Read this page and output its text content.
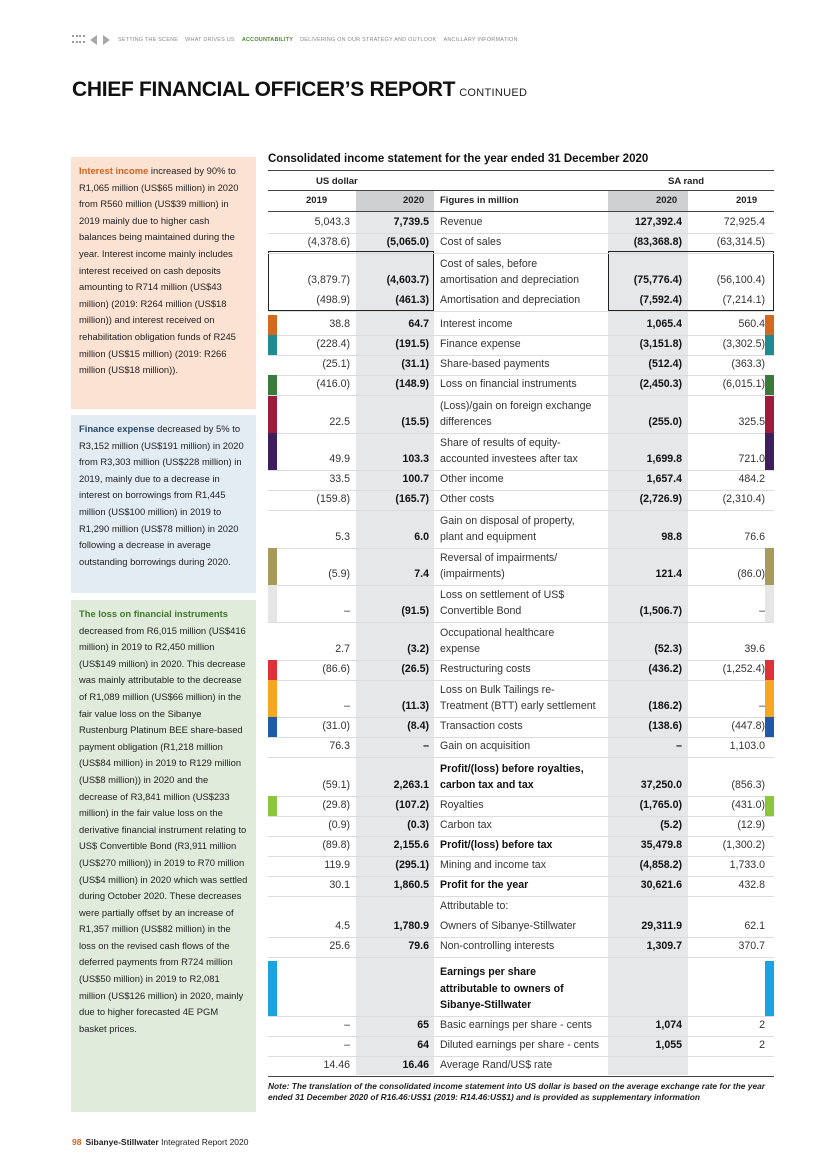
SETTING THE SCENE WHAT DRIVES US ACCOUNTABILITY DELIVERING ON OUR STRATEGY AND OUTLOOK ANCILLARY INFORMATION
CHIEF FINANCIAL OFFICER’S REPORT CONTINUED
Interest income increased by 90% to R1,065 million (US$65 million) in 2020 from R560 million (US$39 million) in 2019 mainly due to higher cash balances being maintained during the year. Interest income mainly includes interest received on cash deposits amounting to R714 million (US$43 million) (2019: R264 million (US$18 million)) and interest received on rehabilitation obligation funds of R245 million (US$15 million) (2019: R266 million (US$18 million)).
Finance expense decreased by 5% to R3,152 million (US$191 million) in 2020 from R3,303 million (US$228 million) in 2019, mainly due to a decrease in interest on borrowings from R1,445 million (US$100 million) in 2019 to R1,290 million (US$78 million) in 2020 following a decrease in average outstanding borrowings during 2020.
The loss on financial instruments decreased from R6,015 million (US$416 million) in 2019 to R2,450 million (US$149 million) in 2020. This decrease was mainly attributable to the decrease of R1,089 million (US$66 million) in the fair value loss on the Sibanye Rustenburg Platinum BEE share-based payment obligation (R1,218 million (US$84 million) in 2019 to R129 million (US$8 million)) in 2020 and the decrease of R3,841 million (US$233 million) in the fair value loss on the derivative financial instrument relating to US$ Convertible Bond (R3,911 million (US$270 million)) in 2019 to R70 million (US$4 million) in 2020 which was settled during October 2020. These decreases were partially offset by an increase of R1,357 million (US$82 million) in the loss on the revised cash flows of the deferred payments from R724 million (US$50 million) in 2019 to R2,081 million (US$126 million) in 2020, mainly due to higher forecasted 4E PGM basket prices.
Consolidated income statement for the year ended 31 December 2020
US dollar	SA rand
2019	2020 Figures in million	2020	2019
Revenue
5,043.3	7,739.5	127,392.4	72,925.4
Cost of sales
(4,378.6)	(5,065.0)	(83,368.8)	(63,314.5)
Cost of sales, before
amortisation and depreciation
(3,879.7)	(4,603.7)	(75,776.4)	(56,100.4)
Amortisation and depreciation
(498.9)	(461.3)	(7,592.4)	(7,214.1)
Interest income
38.8	64.7	1,065.4	560.4
Finance expense
(228.4)	(191.5)	(3,151.8)	(3,302.5)
Share-based payments
(25.1)	(31.1)	(512.4)	(363.3)
Loss on financial instruments
(416.0)	(148.9)	(2,450.3)	(6,015.1)
(Loss)/gain on foreign exchange
differences
22.5	(15.5)	(255.0)	325.5
Share of results of equity-
accounted investees after tax
49.9	103.3	1,699.8	721.0
Other income
33.5	100.7	1,657.4	484.2
Other costs
(159.8)	(165.7)	(2,726.9)	(2,310.4)
Gain on disposal of property,
plant and equipment
5.3	6.0	98.8	76.6
Reversal of impairments/
(impairments)
(5.9)	7.4	121.4	(86.0)
Loss on settlement of US$
Convertible Bond
–	(91.5)	(1,506.7)	–
Occupational healthcare
expense
2.7	(3.2)	(52.3)	39.6
Restructuring costs
(86.6)	(26.5)	(436.2)	(1,252.4)
Loss on Bulk Tailings re-
Treatment (BTT) early settlement
–	(11.3)	(186.2)	–
Transaction costs
(31.0)	(8.4)	(138.6)	(447.8)
Gain on acquisition
76.3	–	–	1,103.0
Profit/(loss) before royalties,
carbon tax and tax
(59.1)	2,263.1	37,250.0	(856.3)
Royalties
(29.8)	(107.2)	(1,765.0)	(431.0)
Carbon tax
(0.9)	(0.3)	(5.2)	(12.9)
Profit/(loss) before tax
(89.8)	2,155.6	35,479.8	(1,300.2)
Mining and income tax
119.9	(295.1)	(4,858.2)	1,733.0
Profit for the year
30.1	1,860.5	30,621.6	432.8
Attributable to:
Owners of Sibanye-Stillwater
4.5	1,780.9	29,311.9	62.1
Non-controlling interests
25.6	79.6	1,309.7	370.7
Earnings per share
attributable to owners of
Sibanye-Stillwater
Basic earnings per share - cents
–	65	1,074	2
Diluted earnings per share - cents
–	64	1,055	2
Average Rand/US$ rate
14.46	16.46
Note: The translation of the consolidated income statement into US dollar is based on the average exchange rate for the year ended 31 December 2020 of R16.46:US$1 (2019: R14.46:US$1) and is provided as supplementary information
98 Sibanye-Stillwater Integrated Report 2020
